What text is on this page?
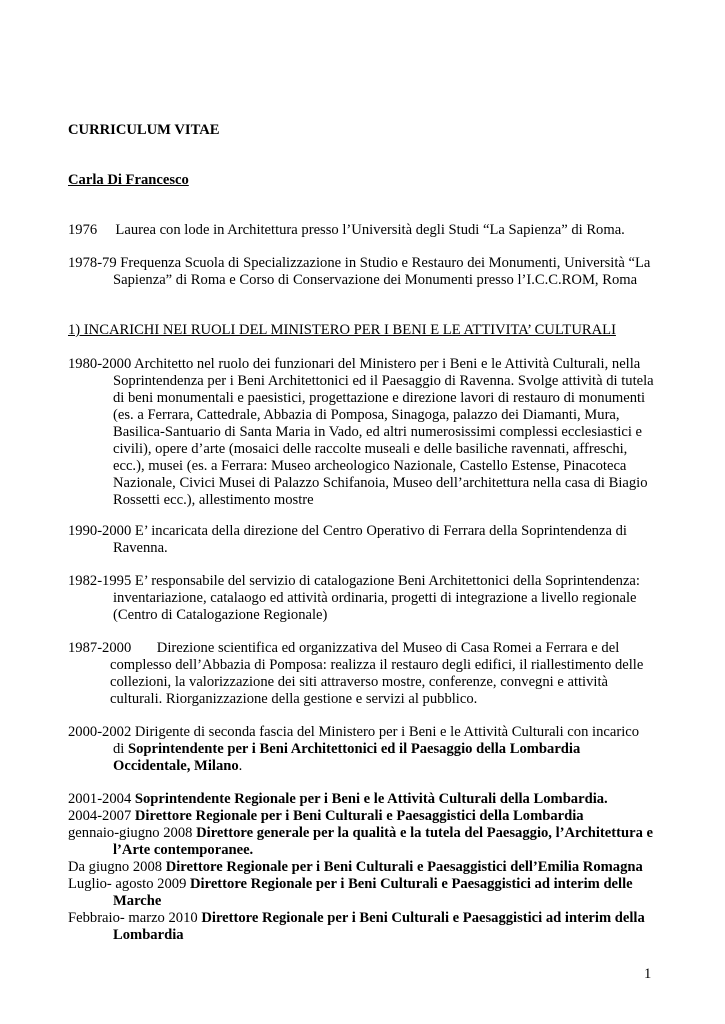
CURRICULUM VITAE
Carla Di Francesco
1976     Laurea con lode in Architettura presso l’Università degli Studi “La Sapienza” di Roma.
1978-79 Frequenza Scuola di Specializzazione in Studio e Restauro dei Monumenti, Università “La
Sapienza” di Roma e Corso di Conservazione dei Monumenti presso l’I.C.C.ROM, Roma
1) INCARICHI NEI RUOLI DEL MINISTERO PER I BENI E LE ATTIVITA’ CULTURALI
1980-2000 Architetto nel ruolo dei funzionari del Ministero per i Beni e le Attività Culturali, nella
Soprintendenza per i Beni Architettonici ed il Paesaggio di Ravenna. Svolge attività di tutela
di beni monumentali e paesistici, progettazione e direzione lavori di restauro di monumenti
(es. a Ferrara, Cattedrale, Abbazia di Pomposa, Sinagoga, palazzo dei Diamanti, Mura,
Basilica-Santuario di Santa Maria in Vado, ed altri numerosissimi complessi ecclesiastici e
civili), opere d’arte (mosaici delle raccolte museali e delle basiliche ravennati, affreschi,
ecc.), musei (es. a Ferrara: Museo archeologico Nazionale, Castello Estense, Pinacoteca
Nazionale, Civici Musei di Palazzo Schifanoia, Museo dell’architettura nella casa di Biagio
Rossetti ecc.), allestimento mostre
1990-2000 E’ incaricata della direzione del Centro Operativo di Ferrara della Soprintendenza di
Ravenna.
1982-1995 E’ responsabile del servizio di catalogazione Beni Architettonici della Soprintendenza:
inventariazione, catalaogo ed attività ordinaria, progetti di integrazione a livello regionale
(Centro di Catalogazione Regionale)
1987-2000       Direzione scientifica ed organizzativa del Museo di Casa Romei a Ferrara e del
complesso dell’Abbazia di Pomposa: realizza il restauro degli edifici, il riallestimento delle
collezioni, la valorizzazione dei siti attraverso mostre, conferenze, convegni e attività
culturali. Riorganizzazione della gestione e servizi al pubblico.
2000-2002 Dirigente di seconda fascia del Ministero per i Beni e le Attività Culturali con incarico
di Soprintendente per i Beni Architettonici ed il Paesaggio della Lombardia
Occidentale, Milano.
2001-2004 Soprintendente Regionale per i Beni e le Attività Culturali della Lombardia.
2004-2007 Direttore Regionale per i Beni Culturali e Paesaggistici della Lombardia
gennaio-giugno 2008 Direttore generale per la qualità e la tutela del Paesaggio, l’Architettura e
l’Arte contemporanee.
Da giugno 2008 Direttore Regionale per i Beni Culturali e Paesaggistici dell’Emilia Romagna
Luglio- agosto 2009 Direttore Regionale per i Beni Culturali e Paesaggistici ad interim delle
Marche
Febbraio- marzo 2010 Direttore Regionale per i Beni Culturali e Paesaggistici ad interim della
Lombardia
1
